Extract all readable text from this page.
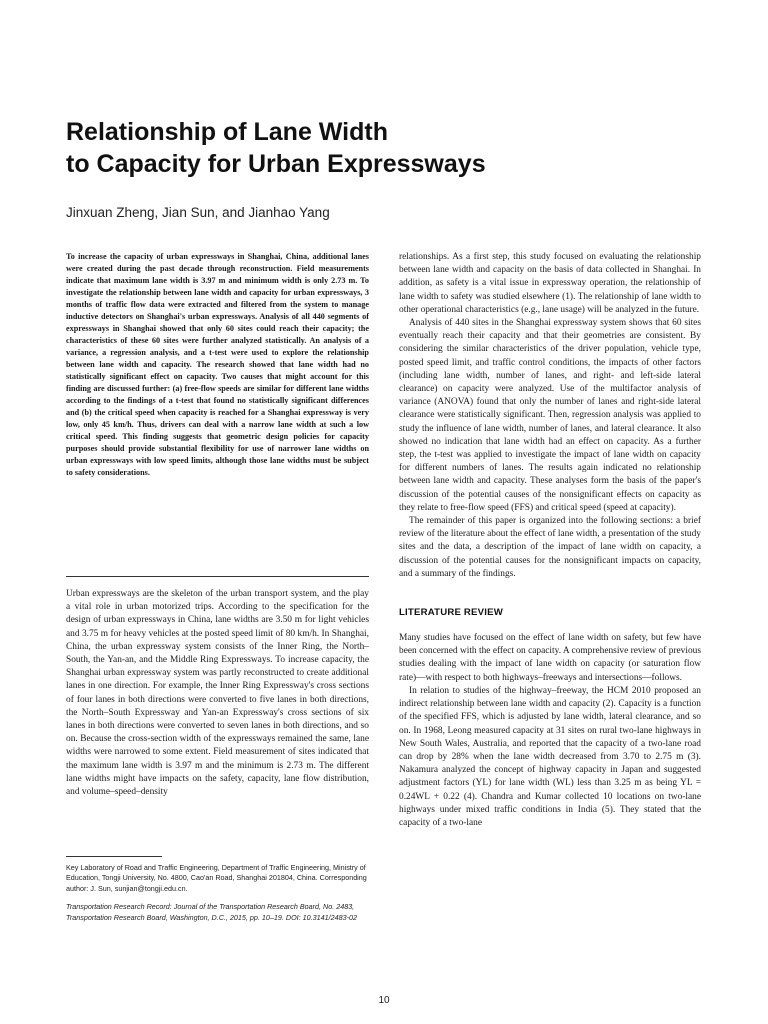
Relationship of Lane Width
to Capacity for Urban Expressways

Jinxuan Zheng, Jian Sun, and Jianhao Yang

To increase the capacity of urban expressways in Shanghai, China, additional lanes were created during the past decade through reconstruction. Field measurements indicate that maximum lane width is 3.97 m and minimum width is only 2.73 m. To investigate the relationship between lane width and capacity for urban expressways, 3 months of traffic flow data were extracted and filtered from the system to manage inductive detectors on Shanghai's urban expressways. Analysis of all 440 segments of expressways in Shanghai showed that only 60 sites could reach their capacity; the characteristics of these 60 sites were further analyzed statistically. An analysis of a variance, a regression analysis, and a t-test were used to explore the relationship between lane width and capacity. The research showed that lane width had no statistically significant effect on capacity. Two causes that might account for this finding are discussed further: (a) free-flow speeds are similar for different lane widths according to the findings of a t-test that found no statistically significant differences and (b) the critical speed when capacity is reached for a Shanghai expressway is very low, only 45 km/h. Thus, drivers can deal with a narrow lane width at such a low critical speed. This finding suggests that geometric design policies for capacity purposes should provide substantial flexibility for use of narrower lane widths on urban expressways with low speed limits, although those lane widths must be subject to safety considerations.

Urban expressways are the skeleton of the urban transport system, and the play a vital role in urban motorized trips. According to the specification for the design of urban expressways in China, lane widths are 3.50 m for light vehicles and 3.75 m for heavy vehicles at the posted speed limit of 80 km/h. In Shanghai, China, the urban expressway system consists of the Inner Ring, the North–South, the Yan-an, and the Middle Ring Expressways. To increase capacity, the Shanghai urban expressway system was partly reconstructed to create additional lanes in one direction. For example, the Inner Ring Expressway's cross sections of four lanes in both directions were converted to five lanes in both directions, the North–South Expressway and Yan-an Expressway's cross sections of six lanes in both directions were converted to seven lanes in both directions, and so on. Because the cross-section width of the expressways remained the same, lane widths were narrowed to some extent. Field measurement of sites indicated that the maximum lane width is 3.97 m and the minimum is 2.73 m. The different lane widths might have impacts on the safety, capacity, lane flow distribution, and volume–speed–density

Key Laboratory of Road and Traffic Engineering, Department of Traffic Engineering, Ministry of Education, Tongji University, No. 4800, Cao'an Road, Shanghai 201804, China. Corresponding author: J. Sun, sunjian@tongji.edu.cn.

Transportation Research Record: Journal of the Transportation Research Board, No. 2483, Transportation Research Board, Washington, D.C., 2015, pp. 10–19. DOI: 10.3141/2483-02

relationships. As a first step, this study focused on evaluating the relationship between lane width and capacity on the basis of data collected in Shanghai. In addition, as safety is a vital issue in expressway operation, the relationship of lane width to safety was studied elsewhere (1). The relationship of lane width to other operational characteristics (e.g., lane usage) will be analyzed in the future.

Analysis of 440 sites in the Shanghai expressway system shows that 60 sites eventually reach their capacity and that their geometries are consistent. By considering the similar characteristics of the driver population, vehicle type, posted speed limit, and traffic control conditions, the impacts of other factors (including lane width, number of lanes, and right- and left-side lateral clearance) on capacity were analyzed. Use of the multifactor analysis of variance (ANOVA) found that only the number of lanes and right-side lateral clearance were statistically significant. Then, regression analysis was applied to study the influence of lane width, number of lanes, and lateral clearance. It also showed no indication that lane width had an effect on capacity. As a further step, the t-test was applied to investigate the impact of lane width on capacity for different numbers of lanes. The results again indicated no relationship between lane width and capacity. These analyses form the basis of the paper's discussion of the potential causes of the nonsignificant effects on capacity as they relate to free-flow speed (FFS) and critical speed (speed at capacity).

The remainder of this paper is organized into the following sections: a brief review of the literature about the effect of lane width, a presentation of the study sites and the data, a description of the impact of lane width on capacity, a discussion of the potential causes for the nonsignificant impacts on capacity, and a summary of the findings.

LITERATURE REVIEW

Many studies have focused on the effect of lane width on safety, but few have been concerned with the effect on capacity. A comprehensive review of previous studies dealing with the impact of lane width on capacity (or saturation flow rate)—with respect to both highways–freeways and intersections—follows.

In relation to studies of the highway–freeway, the HCM 2010 proposed an indirect relationship between lane width and capacity (2). Capacity is a function of the specified FFS, which is adjusted by lane width, lateral clearance, and so on. In 1968, Leong measured capacity at 31 sites on rural two-lane highways in New South Wales, Australia, and reported that the capacity of a two-lane road can drop by 28% when the lane width decreased from 3.70 to 2.75 m (3). Nakamura analyzed the concept of highway capacity in Japan and suggested adjustment factors (YL) for lane width (WL) less than 3.25 m as being YL = 0.24WL + 0.22 (4). Chandra and Kumar collected 10 locations on two-lane highways under mixed traffic conditions in India (5). They stated that the capacity of a two-lane

10
